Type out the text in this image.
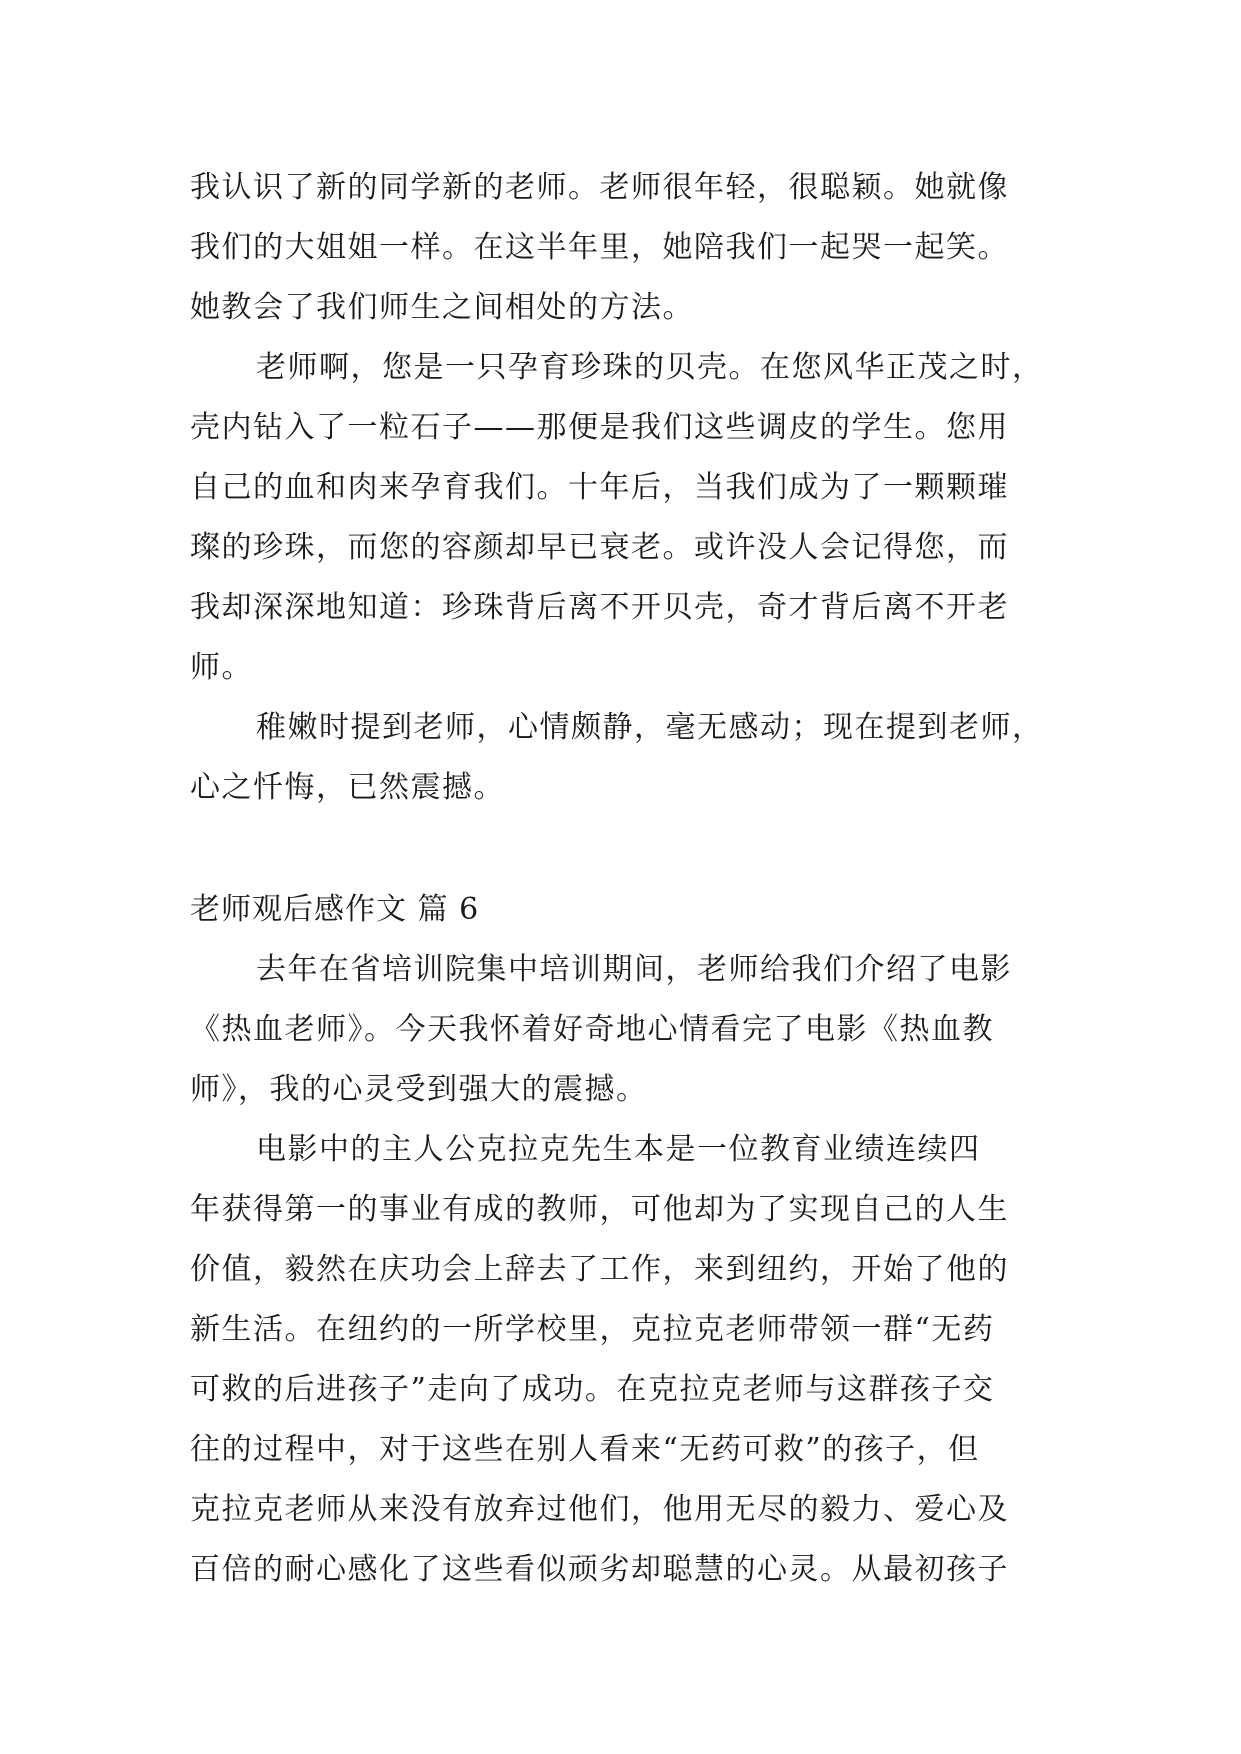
我认识了新的同学新的老师。老师很年轻，很聪颖。她就像
我们的大姐姐一样。在这半年里，她陪我们一起哭一起笑。
她教会了我们师生之间相处的方法。
老师啊，您是一只孕育珍珠的贝壳。在您风华正茂之时，
壳内钻入了一粒石子——那便是我们这些调皮的学生。您用
自己的血和肉来孕育我们。十年后，当我们成为了一颗颗璀
璨的珍珠，而您的容颜却早已衰老。或许没人会记得您，而
我却深深地知道：珍珠背后离不开贝壳，奇才背后离不开老
师。
稚嫩时提到老师，心情颇静，毫无感动；现在提到老师，
心之忏悔，已然震撼。
老师观后感作文 篇 6
去年在省培训院集中培训期间，老师给我们介绍了电影
《热血老师》。今天我怀着好奇地心情看完了电影《热血教
师》，我的心灵受到强大的震撼。
电影中的主人公克拉克先生本是一位教育业绩连续四
年获得第一的事业有成的教师，可他却为了实现自己的人生
价值，毅然在庆功会上辞去了工作，来到纽约，开始了他的
新生活。在纽约的一所学校里，克拉克老师带领一群“无药
可救的后进孩子”走向了成功。在克拉克老师与这群孩子交
往的过程中，对于这些在别人看来“无药可救”的孩子，但
克拉克老师从来没有放弃过他们，他用无尽的毅力、爱心及
百倍的耐心感化了这些看似顽劣却聪慧的心灵。从最初孩子
